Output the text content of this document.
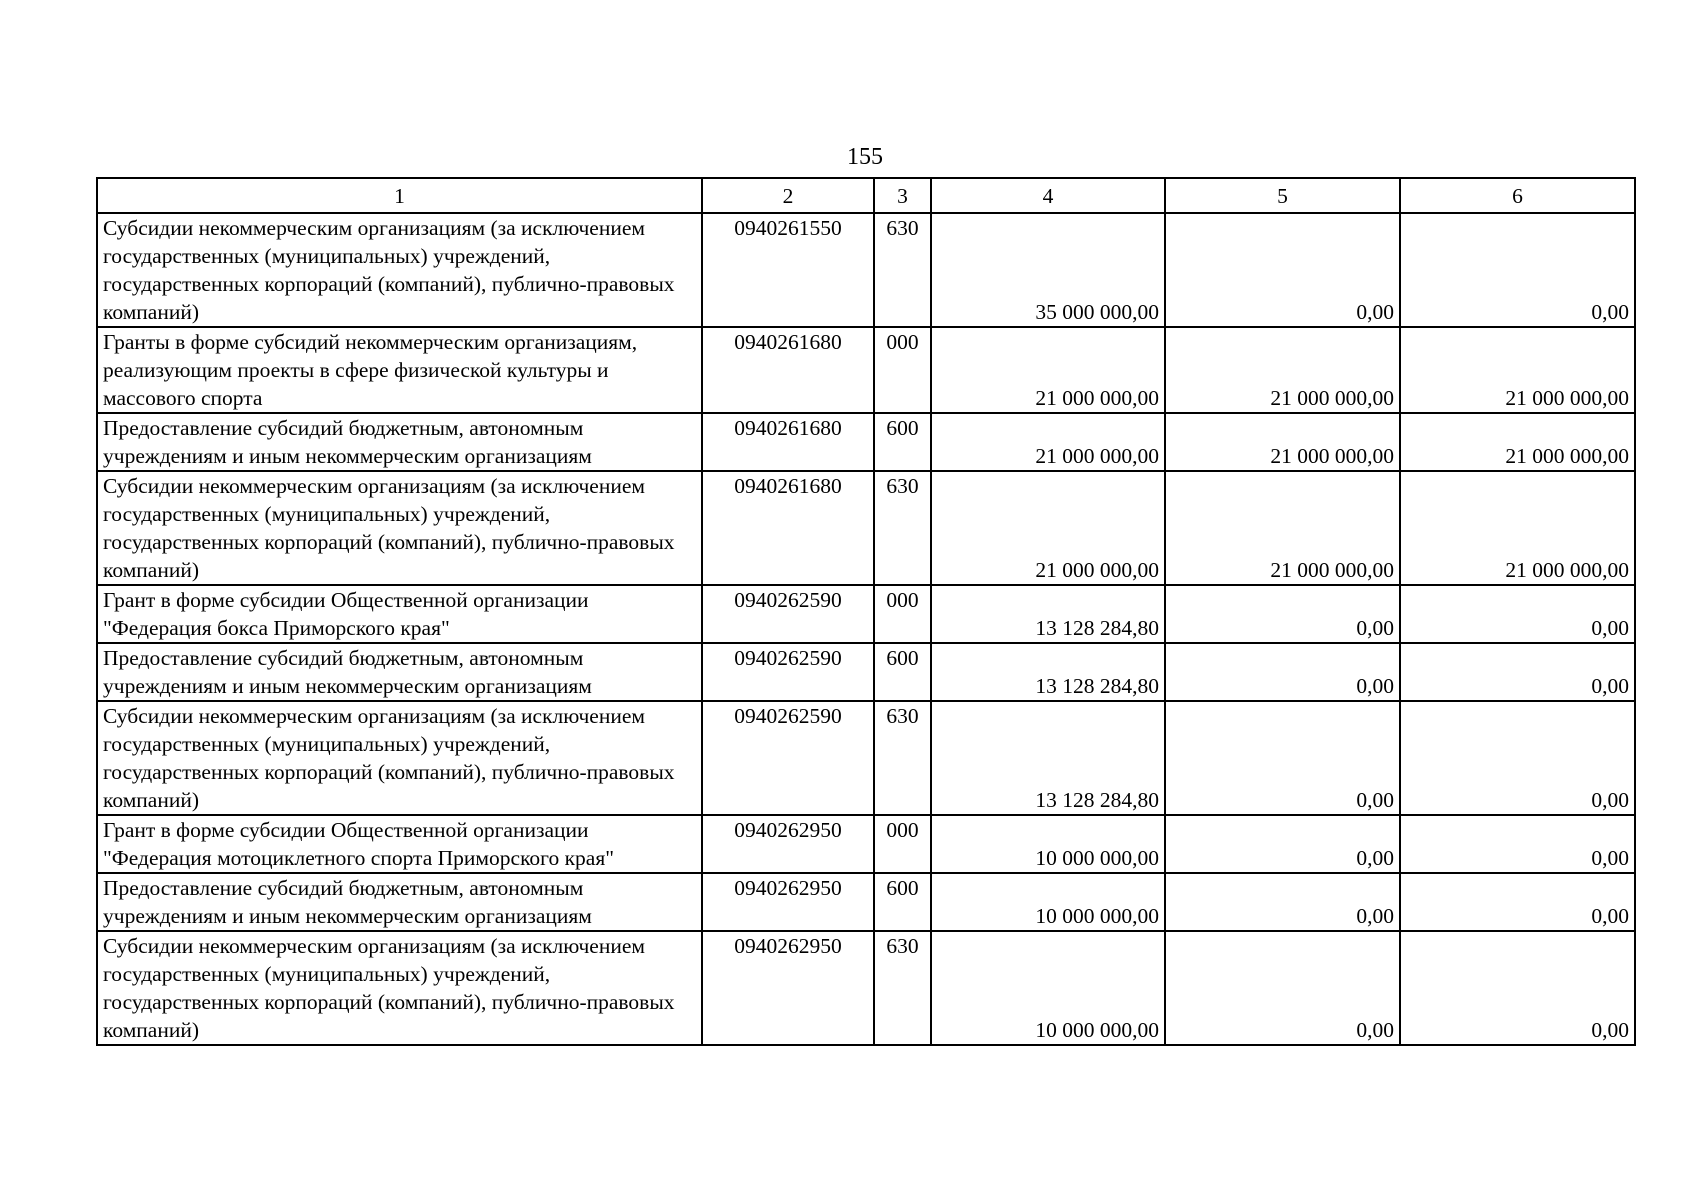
155
1	2	3	4	5	6
Субсидии некоммерческим организациям (за исключением государственных (муниципальных) учреждений, государственных корпораций (компаний), публично-правовых компаний)	0940261550	630	35 000 000,00	0,00	0,00
Гранты в форме субсидий некоммерческим организациям, реализующим проекты в сфере физической культуры и массового спорта	0940261680	000	21 000 000,00	21 000 000,00	21 000 000,00
Предоставление субсидий бюджетным, автономным учреждениям и иным некоммерческим организациям	0940261680	600	21 000 000,00	21 000 000,00	21 000 000,00
Субсидии некоммерческим организациям (за исключением государственных (муниципальных) учреждений, государственных корпораций (компаний), публично-правовых компаний)	0940261680	630	21 000 000,00	21 000 000,00	21 000 000,00
Грант в форме субсидии Общественной организации "Федерация бокса Приморского края"	0940262590	000	13 128 284,80	0,00	0,00
Предоставление субсидий бюджетным, автономным учреждениям и иным некоммерческим организациям	0940262590	600	13 128 284,80	0,00	0,00
Субсидии некоммерческим организациям (за исключением государственных (муниципальных) учреждений, государственных корпораций (компаний), публично-правовых компаний)	0940262590	630	13 128 284,80	0,00	0,00
Грант в форме субсидии Общественной организации "Федерация мотоциклетного спорта Приморского края"	0940262950	000	10 000 000,00	0,00	0,00
Предоставление субсидий бюджетным, автономным учреждениям и иным некоммерческим организациям	0940262950	600	10 000 000,00	0,00	0,00
Субсидии некоммерческим организациям (за исключением государственных (муниципальных) учреждений, государственных корпораций (компаний), публично-правовых компаний)	0940262950	630	10 000 000,00	0,00	0,00
